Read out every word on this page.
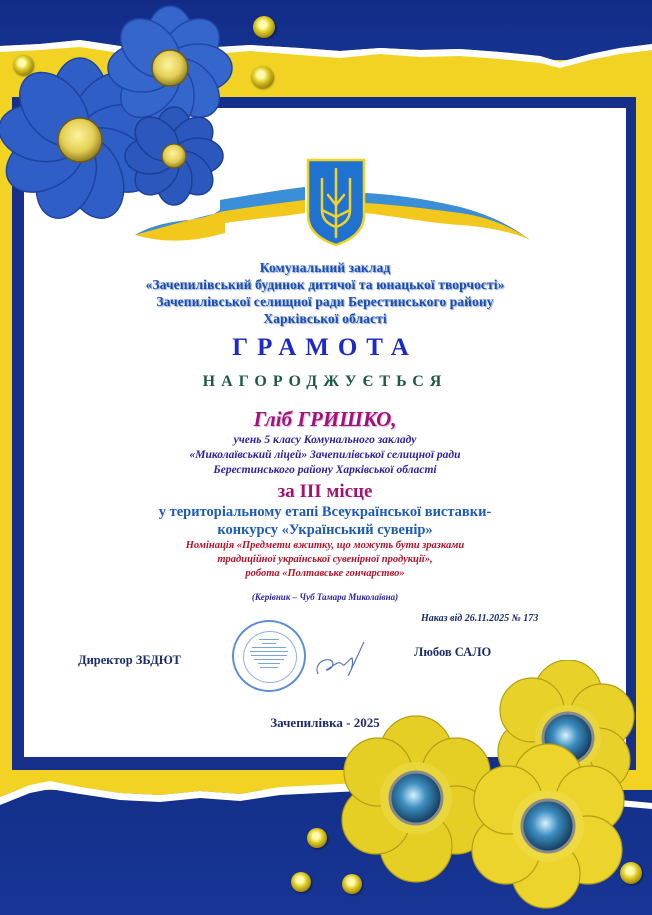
Комунальний заклад
«Зачепилівський будинок дитячої та юнацької творчості»
Зачепилівської селищної ради Берестинського району
Харківської області
ГРАМОТА
НАГОРОДЖУЄТЬСЯ
Гліб ГРИШКО,
учень 5 класу Комунального закладу
«Миколаївський ліцей» Зачепилівської селищної ради
Берестинського району Харківської області
за ІІІ місце
у територіальному етапі Всеукраїнської виставки-
конкурсу «Український сувенір»
Номінація «Предмети вжитку, що можуть бути зразками
традиційної української сувенірної продукції»,
робота «Полтавське гончарство»
(Керівник – Чуб Тамара Миколаївна)
Наказ від 26.11.2025 № 173
Директор ЗБДЮТ
Любов САЛО
Зачепилівка - 2025
